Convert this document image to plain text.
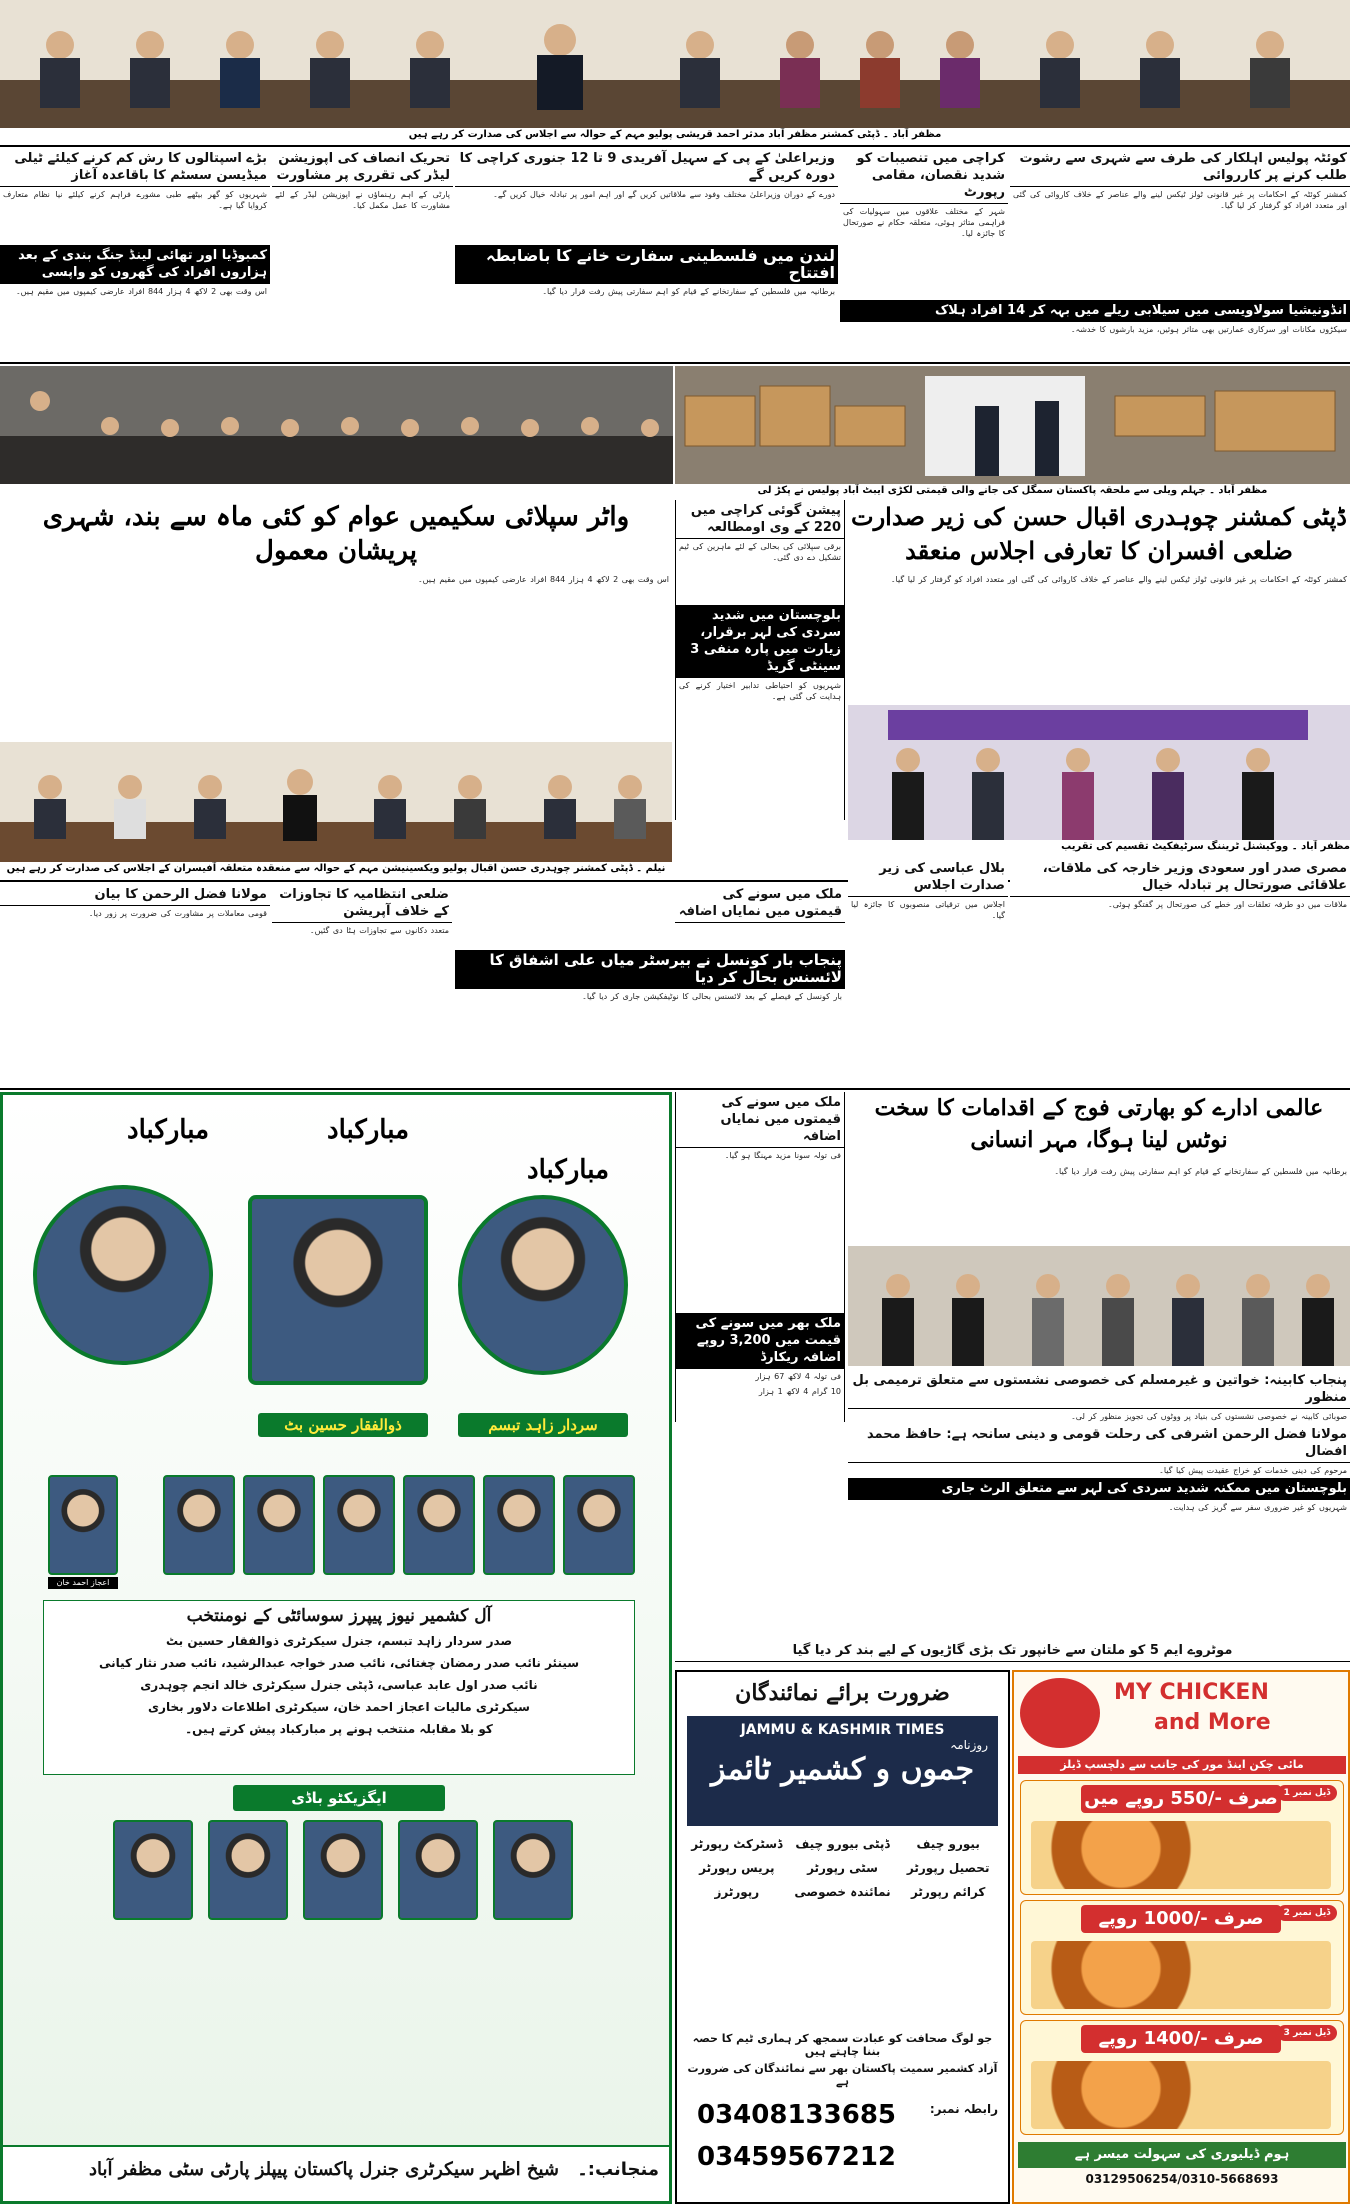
مظفر آباد ۔ ڈپٹی کمشنر مظفر آباد مدثر احمد قریشی پولیو مہم کے حوالہ سے اجلاس کی صدارت کر رہے ہیں
کوئٹہ پولیس اہلکار کی طرف سے شہری سے رشوت طلب کرنے پر کارروائی
کمشنر کوئٹہ کے احکامات پر غیر قانونی ٹولز ٹیکس لینے والے عناصر کے خلاف کاروائی کی گئی اور متعدد افراد کو گرفتار کر لیا گیا۔
کراچی میں تنصیبات کو شدید نقصان، مقامی رپورٹ
شہر کے مختلف علاقوں میں سہولیات کی فراہمی متاثر ہوئی، متعلقہ حکام نے صورتحال کا جائزہ لیا۔
وزیراعلیٰ کے پی کے سہیل آفریدی 9 تا 12 جنوری کراچی کا دورہ کریں گے
دورے کے دوران وزیراعلیٰ مختلف وفود سے ملاقاتیں کریں گے اور اہم امور پر تبادلہ خیال کریں گے۔
تحریک انصاف کی اپوزیشن لیڈر کی تقرری پر مشاورت
پارٹی کے اہم رہنماؤں نے اپوزیشن لیڈر کے لئے مشاورت کا عمل مکمل کیا۔
بڑے اسپتالوں کا رش کم کرنے کیلئے ٹیلی میڈیسن سسٹم کا باقاعدہ آغاز
شہریوں کو گھر بیٹھے طبی مشورے فراہم کرنے کیلئے نیا نظام متعارف کروایا گیا ہے۔
انڈونیشیا سولاویسی میں سیلابی ریلے میں بہہ کر 14 افراد ہلاک
سیکڑوں مکانات اور سرکاری عمارتیں بھی متاثر ہوئیں، مزید بارشوں کا خدشہ۔
لندن میں فلسطینی سفارت خانے کا باضابطہ افتتاح
برطانیہ میں فلسطین کے سفارتخانے کے قیام کو اہم سفارتی پیش رفت قرار دیا گیا۔
کمبوڈیا اور تھائی لینڈ جنگ بندی کے بعد ہزاروں افراد کی گھروں کو واپسی
اس وقت بھی 2 لاکھ 4 ہزار 844 افراد عارضی کیمپوں میں مقیم ہیں۔
مظفر آباد ۔ جہلم ویلی سے ملحقہ پاکستان سمگل کی جانے والی قیمتی لکڑی ایبٹ آباد پولیس نے پکڑ لی
ڈپٹی کمشنر چوہدری اقبال حسن کی زیر صدارت ضلعی افسران کا تعارفی اجلاس منعقد
واٹر سپلائی سکیمیں عوام کو کئی ماہ سے بند، شہری پریشان معمول
پیشن گوئی کراچی میں 220 کے وی اومطالعہ
برقی سپلائی کی بحالی کے لئے ماہرین کی ٹیم تشکیل دے دی گئی۔
بلوچستان میں شدید سردی کی لہر برقرار، زیارت میں پارہ منفی 3 سینٹی گریڈ
شہریوں کو احتیاطی تدابیر اختیار کرنے کی ہدایت کی گئی ہے۔
کمشنر کوئٹہ کے احکامات پر غیر قانونی ٹولز ٹیکس لینے والے عناصر کے خلاف کاروائی کی گئی اور متعدد افراد کو گرفتار کر لیا گیا۔
اس وقت بھی 2 لاکھ 4 ہزار 844 افراد عارضی کیمپوں میں مقیم ہیں۔
مظفر آباد ۔ ووکیشنل ٹریننگ سرٹیفکیٹ تقسیم کی تقریب
نیلم ۔ ڈپٹی کمشنر چوہدری حسن اقبال پولیو ویکسینیشن مہم کے حوالہ سے منعقدہ متعلقہ آفیسران کے اجلاس کی صدارت کر رہے ہیں	مصری صدر اور سعودی وزیر خارجہ کی ملاقات، علاقائی صورتحال پر تبادلہ خیال
ملاقات میں دو طرفہ تعلقات اور خطے کی صورتحال پر گفتگو ہوئی۔
بلال عباسی کی زیر صدارت اجلاس
اجلاس میں ترقیاتی منصوبوں کا جائزہ لیا گیا۔
ملک میں سونے کی قیمتوں میں نمایاں اضافہ
پنجاب بار کونسل نے بیرسٹر میاں علی اشفاق کا لائسنس بحال کر دیا
بار کونسل کے فیصلے کے بعد لائسنس بحالی کا نوٹیفکیشن جاری کر دیا گیا۔
ضلعی انتظامیہ کا تجاوزات کے خلاف آپریشن
متعدد دکانوں سے تجاوزات ہٹا دی گئیں۔
مولانا فضل الرحمن کا بیان
قومی معاملات پر مشاورت کی ضرورت پر زور دیا۔
عالمی ادارے کو بھارتی فوج کے اقدامات کا سخت نوٹس لینا ہوگا، مہر انسانی
برطانیہ میں فلسطین کے سفارتخانے کے قیام کو اہم سفارتی پیش رفت قرار دیا گیا۔
پنجاب کابینہ: خواتین و غیرمسلم کی خصوصی نشستوں سے متعلق ترمیمی بل منظور
صوبائی کابینہ نے خصوصی نشستوں کی بنیاد پر ووٹوں کی تجویز منظور کر لی۔
مولانا فضل الرحمن اشرفی کی رحلت قومی و دینی سانحہ ہے: حافظ محمد افضال
مرحوم کی دینی خدمات کو خراج عقیدت پیش کیا گیا۔
بلوچستان میں ممکنہ شدید سردی کی لہر سے متعلق الرٹ جاری
شہریوں کو غیر ضروری سفر سے گریز کی ہدایت۔
ملک میں سونے کی قیمتوں میں نمایاں اضافہ
فی تولہ سونا مزید مہنگا ہو گیا۔
ملک بھر میں سونے کی قیمت میں 3,200 روپے اضافہ ریکارڈ
فی تولہ 4 لاکھ 67 ہزار
10 گرام 4 لاکھ 1 ہزار
موٹروے ایم 5 کو ملتان سے خانپور تک بڑی گاڑیوں کے لیے بند کر دیا گیا
مبارکباد
مبارکباد
مبارکباد
ذوالفقار حسین بٹ	سردار زاہد تبسم
اعجاز احمد خان
آل کشمیر نیوز پیپرز سوسائٹی کے نومنتخب
صدر سردار زاہد تبسم، جنرل سیکرٹری ذوالفقار حسین بٹ
سینئر نائب صدر رمضان چغتائی، نائب صدر خواجہ عبدالرشید، نائب صدر نثار کیانی
نائب صدر اول عابد عباسی، ڈپٹی جنرل سیکرٹری خالد انجم چوہدری
سیکرٹری مالیات اعجاز احمد خان، سیکرٹری اطلاعات دلاور بخاری
کو بلا مقابلہ منتخب ہونے پر مبارکباد پیش کرتے ہیں۔
ایگزیکٹو باڈی
منجانب:۔
شیخ اظہر سیکرٹری جنرل پاکستان پیپلز پارٹی سٹی مظفر آباد
ضرورت برائے نمائندگان
JAMMU & KASHMIR TIMES
روزنامہ
جموں و کشمیر ٹائمز
بیورو چیف
ڈپٹی بیورو چیف
ڈسٹرکٹ رپورٹر
تحصیل رپورٹر
سٹی رپورٹر
پریس رپورٹر
کرائم رپورٹر
نمائندہ خصوصی
رپورٹرز
جو لوگ صحافت کو عبادت سمجھ کر ہماری ٹیم کا حصہ بننا چاہتے ہیں
آزاد کشمیر سمیت پاکستان بھر سے نمائندگان کی ضرورت ہے
رابطہ نمبر:
03408133685
03459567212
MY CHICKEN
and More
مائی چکن اینڈ مور کی جانب سے دلچسپ ڈیلز
ڈیل نمبر 1
صرف -/550 روپے میں
ڈیل نمبر 2
صرف -/1000 روپے
ڈیل نمبر 3
صرف -/1400 روپے
ہوم ڈیلیوری کی سہولت میسر ہے
03129506254/0310-5668693
